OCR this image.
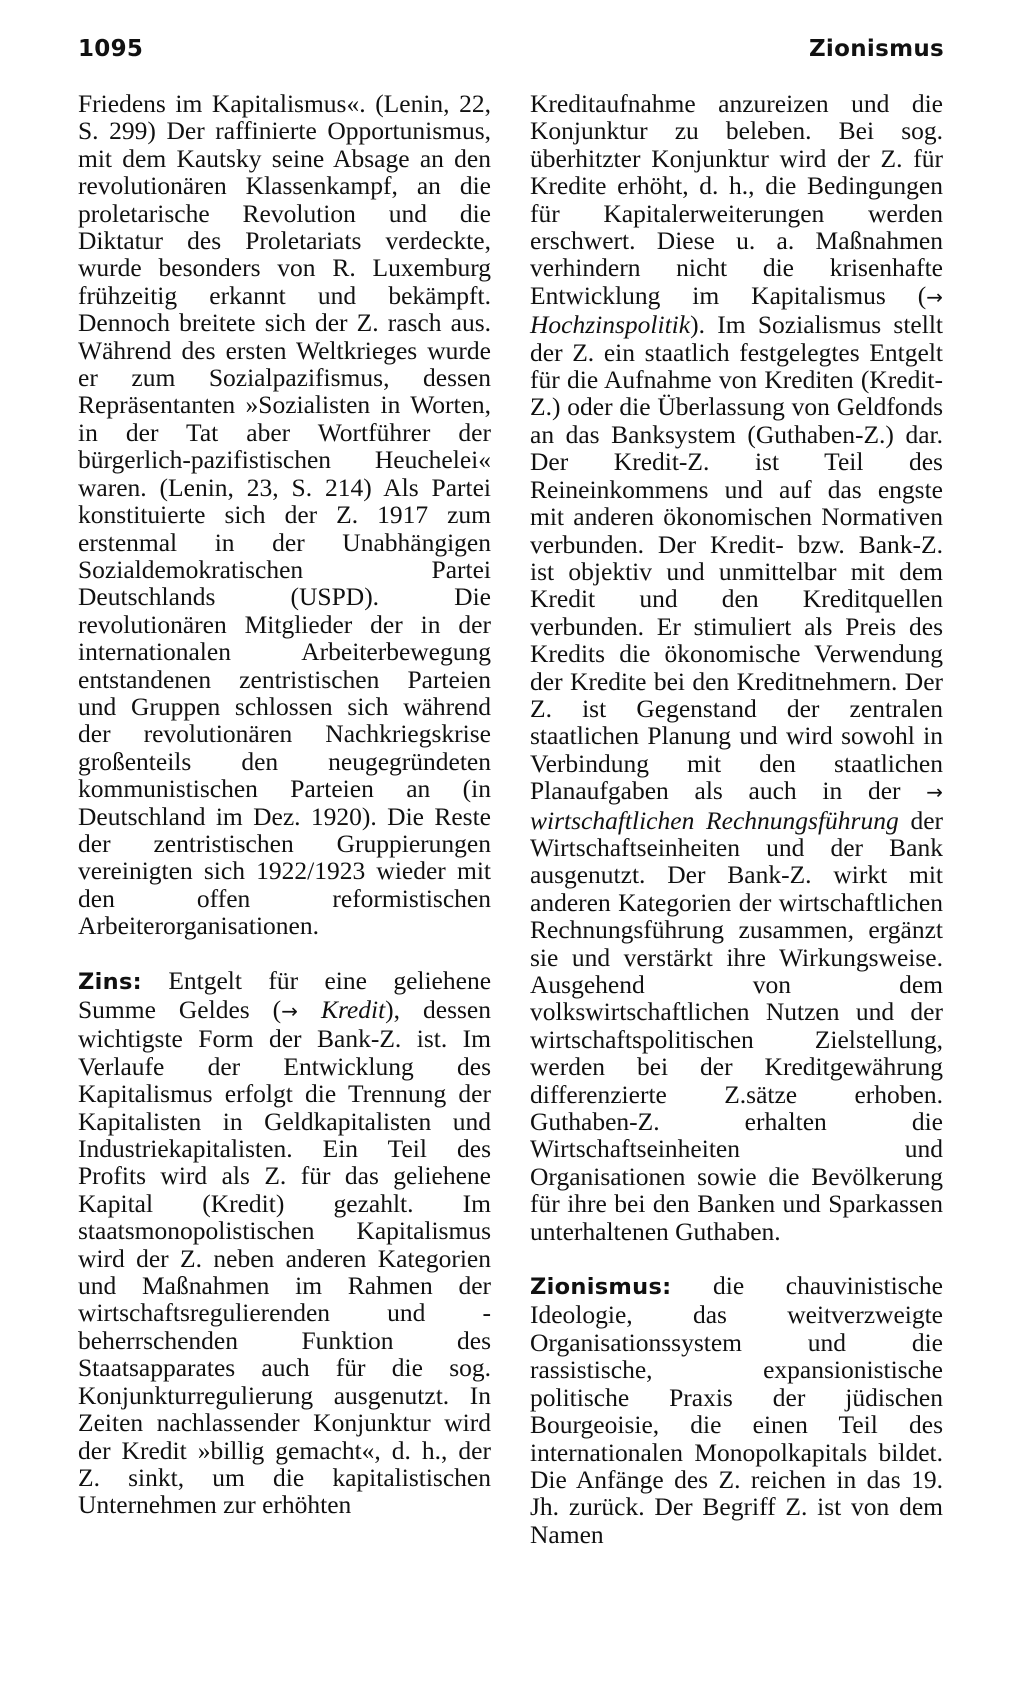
1095	Zionismus

Friedens im Kapitalismus«. (Lenin, 22, S. 299) Der raffinierte Opportunismus, mit dem Kautsky seine Absage an den revolutionären Klassenkampf, an die proletarische Revolution und die Diktatur des Proletariats verdeckte, wurde besonders von R. Luxemburg frühzeitig erkannt und bekämpft. Dennoch breitete sich der Z. rasch aus. Während des ersten Weltkrieges wurde er zum Sozialpazifismus, dessen Repräsentanten »Sozialisten in Worten, in der Tat aber Wortführer der bürgerlich-pazifistischen Heuchelei« waren. (Lenin, 23, S. 214) Als Partei konstituierte sich der Z. 1917 zum erstenmal in der Unabhängigen Sozialdemokratischen Partei Deutschlands (USPD). Die revolutionären Mitglieder der in der internationalen Arbeiterbewegung entstandenen zentristischen Parteien und Gruppen schlossen sich während der revolutionären Nachkriegskrise großenteils den neugegründeten kommunistischen Parteien an (in Deutschland im Dez. 1920). Die Reste der zentristischen Gruppierungen vereinigten sich 1922/1923 wieder mit den offen reformistischen Arbeiterorganisationen.

Zins: Entgelt für eine geliehene Summe Geldes (→ Kredit), dessen wichtigste Form der Bank-Z. ist. Im Verlaufe der Entwicklung des Kapitalismus erfolgt die Trennung der Kapitalisten in Geldkapitalisten und Industriekapitalisten. Ein Teil des Profits wird als Z. für das geliehene Kapital (Kredit) gezahlt. Im staatsmonopolistischen Kapitalismus wird der Z. neben anderen Kategorien und Maßnahmen im Rahmen der wirtschaftsregulierenden und -beherrschenden Funktion des Staatsapparates auch für die sog. Konjunkturregulierung ausgenutzt. In Zeiten nachlassender Konjunktur wird der Kredit »billig gemacht«, d. h., der Z. sinkt, um die kapitalistischen Unternehmen zur erhöhten

Kreditaufnahme anzureizen und die Konjunktur zu beleben. Bei sog. überhitzter Konjunktur wird der Z. für Kredite erhöht, d. h., die Bedingungen für Kapitalerweiterungen werden erschwert. Diese u. a. Maßnahmen verhindern nicht die krisenhafte Entwicklung im Kapitalismus (→ Hochzinspolitik). Im Sozialismus stellt der Z. ein staatlich festgelegtes Entgelt für die Aufnahme von Krediten (Kredit-Z.) oder die Überlassung von Geldfonds an das Banksystem (Guthaben-Z.) dar. Der Kredit-Z. ist Teil des Reineinkommens und auf das engste mit anderen ökonomischen Normativen verbunden. Der Kredit- bzw. Bank-Z. ist objektiv und unmittelbar mit dem Kredit und den Kreditquellen verbunden. Er stimuliert als Preis des Kredits die ökonomische Verwendung der Kredite bei den Kreditnehmern. Der Z. ist Gegenstand der zentralen staatlichen Planung und wird sowohl in Verbindung mit den staatlichen Planaufgaben als auch in der → wirtschaftlichen Rechnungsführung der Wirtschaftseinheiten und der Bank ausgenutzt. Der Bank-Z. wirkt mit anderen Kategorien der wirtschaftlichen Rechnungsführung zusammen, ergänzt sie und verstärkt ihre Wirkungsweise. Ausgehend von dem volkswirtschaftlichen Nutzen und der wirtschaftspolitischen Zielstellung, werden bei der Kreditgewährung differenzierte Z.sätze erhoben. Guthaben-Z. erhalten die Wirtschaftseinheiten und Organisationen sowie die Bevölkerung für ihre bei den Banken und Sparkassen unterhaltenen Guthaben.

Zionismus: die chauvinistische Ideologie, das weitverzweigte Organisationssystem und die rassistische, expansionistische politische Praxis der jüdischen Bourgeoisie, die einen Teil des internationalen Monopolkapitals bildet. Die Anfänge des Z. reichen in das 19. Jh. zurück. Der Begriff Z. ist von dem Namen
